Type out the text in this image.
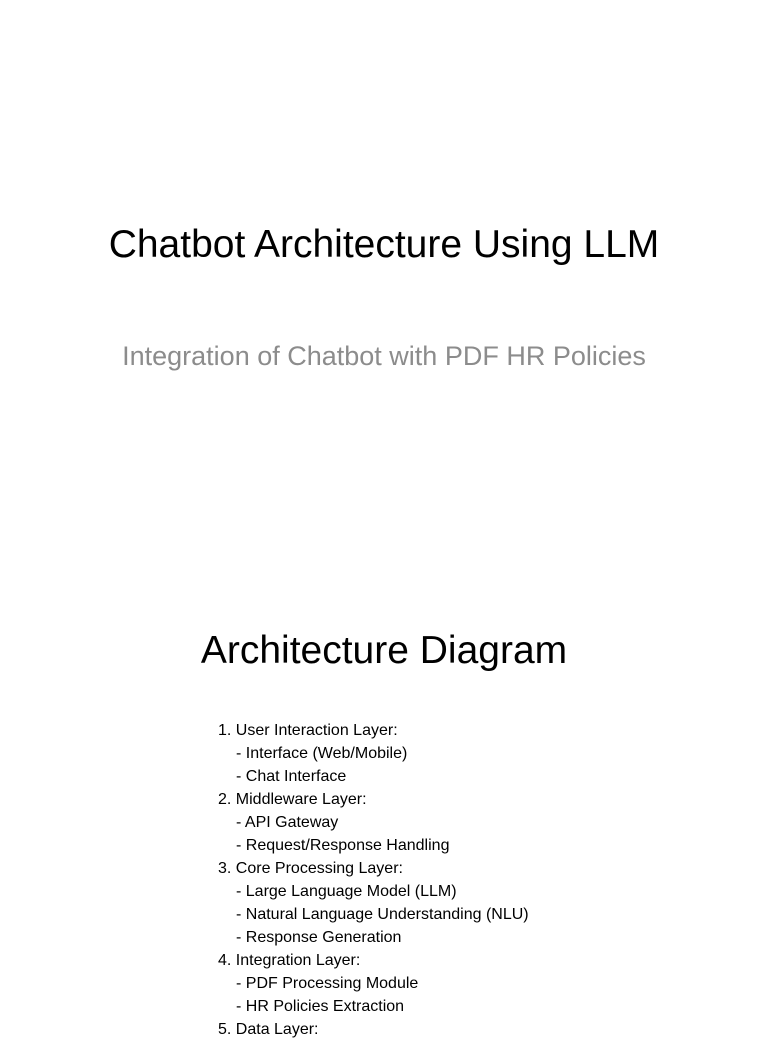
Chatbot Architecture Using LLM
Integration of Chatbot with PDF HR Policies
Architecture Diagram
1. User Interaction Layer:
- Interface (Web/Mobile)
- Chat Interface
2. Middleware Layer:
- API Gateway
- Request/Response Handling
3. Core Processing Layer:
- Large Language Model (LLM)
- Natural Language Understanding (NLU)
- Response Generation
4. Integration Layer:
- PDF Processing Module
- HR Policies Extraction
5. Data Layer:
